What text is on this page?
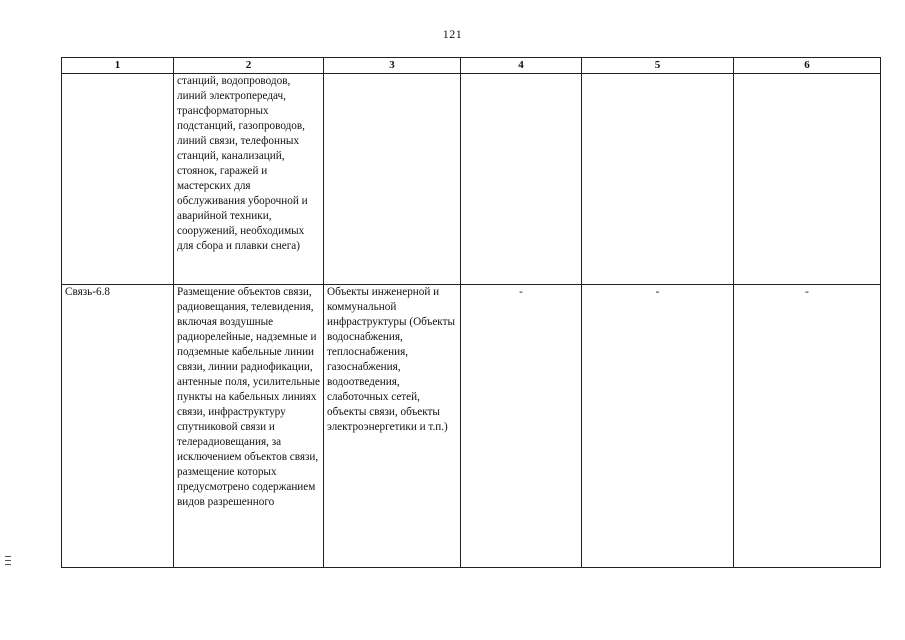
121
1	2	3	4	5	6

	станций, водопроводов, линий электропередач, трансформаторных подстанций, газопроводов, линий связи, телефонных станций, канализаций, стоянок, гаражей и мастерских для обслуживания уборочной и аварийной техники, сооружений, необходимых для сбора и плавки снега)				

Связь-6.8	Размещение объектов связи, радиовещания, телевидения, включая воздушные радиорелейные, надземные и подземные кабельные линии связи, линии радиофикации, антенные поля, усилительные пункты на кабельных линиях связи, инфраструктуру спутниковой связи и телерадиовещания, за исключением объектов связи, размещение которых предусмотрено содержанием видов разрешенного	Объекты инженерной и коммунальной инфраструктуры (Объекты водоснабжения, теплоснабжения, газоснабжения, водоотведения, слаботочных сетей, объекты связи, объекты электроэнергетики и т.п.)	-	-	-
